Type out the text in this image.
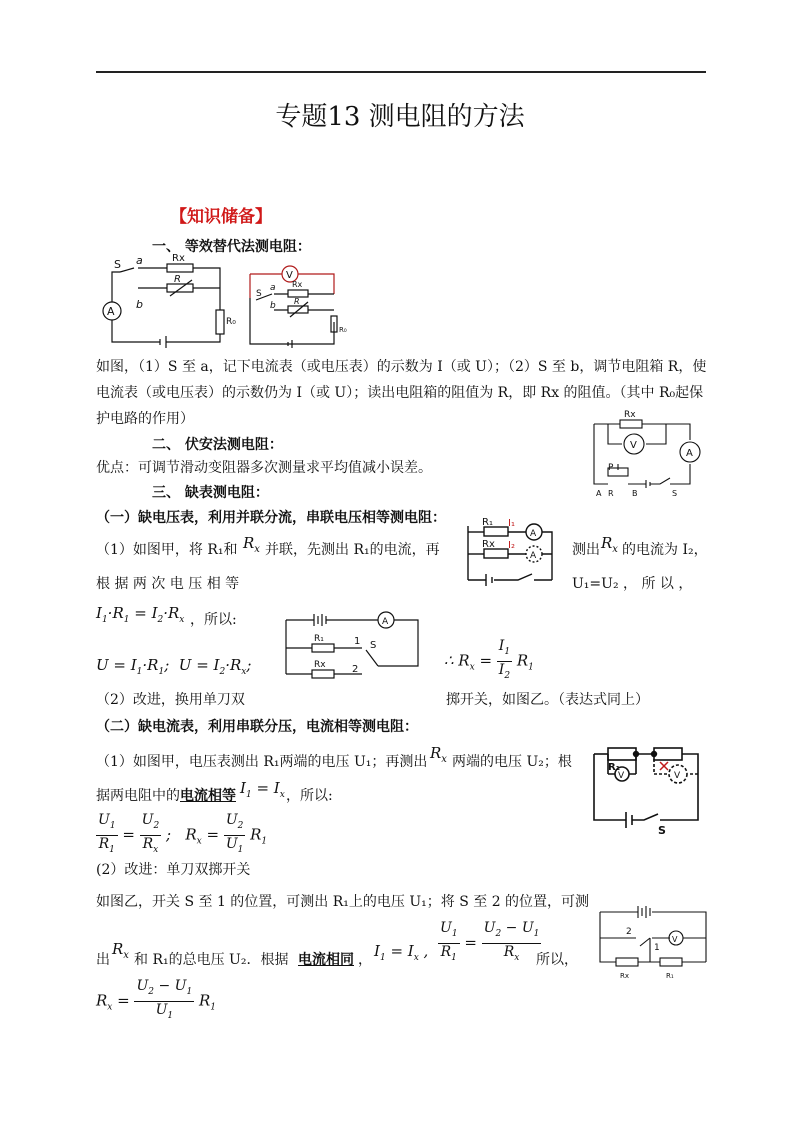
专题13 测电阻的方法
【知识储备】
一、 等效替代法测电阻：
S a	Rx
R
b
R₀
A
V
S
a Rx
b R
R₀
如图，（1）S 至 a，记下电流表（或电压表）的示数为 I（或 U）；（2）S 至 b，调节电阻箱 R，使
电流表（或电压表）的示数仍为 I（或 U）；读出电阻箱的阻值为 R，即 Rx 的阻值。（其中 R₀起保
护电路的作用）
二、 伏安法测电阻：
优点：可调节滑动变阻器多次测量求平均值减小误差。
Rx
V
A
P
A R B	S
三、 缺表测电阻：
（一）缺电压表，利用并联分流，串联电压相等测电阻：
（1）如图甲，将 R₁和 $R_x$ 并联，先测出 R₁的电流，再
R₁ I₁
A
Rx I₂
A	测出 $R_x$ 的电流为 I₂，
根 据 两 次 电 压 相 等	U₁=U₂ ， 所 以 ，
$I_1\cdot R_1 = I_2\cdot R_x$ ，所以:
$U = I_1\cdot R_1$;  $U = I_2\cdot R_x$;
A
R₁
Rx
1
2
S
∴ $R_x = \frac{I_1}{I_2} R_1$
（2）改进，换用单刀双	掷开关，如图乙。（表达式同上）
（二）缺电流表，利用串联分压，电流相等测电阻：
（1）如图甲，电压表测出 R₁两端的电压 U₁；再测出 $R_x$ 两端的电压 U₂；根	R₁
V	V
S
据两电阻中的 电流相等 $I_1 = I_x$ ，所以:
$\frac{U_1}{R_1} = \frac{U_2}{R_x}$ ;   $R_x = \frac{U_2}{U_1} R_1$
(2）改进：单刀双掷开关
如图乙，开关 S 至 1 的位置，可测出 R₁上的电压 U₁；将 S 至 2 的位置，可测
2
1
V
Rx	R₁
出
$R_x$ 和 R₁的总电压 U₂．根据 电流相同 ， $I_1 = I_x$ , $\frac{U_1}{R_1} = \frac{U_2 - U_1}{R_x}$
所以，
$R_x = \frac{U_2 - U_1}{U_1} R_1$
